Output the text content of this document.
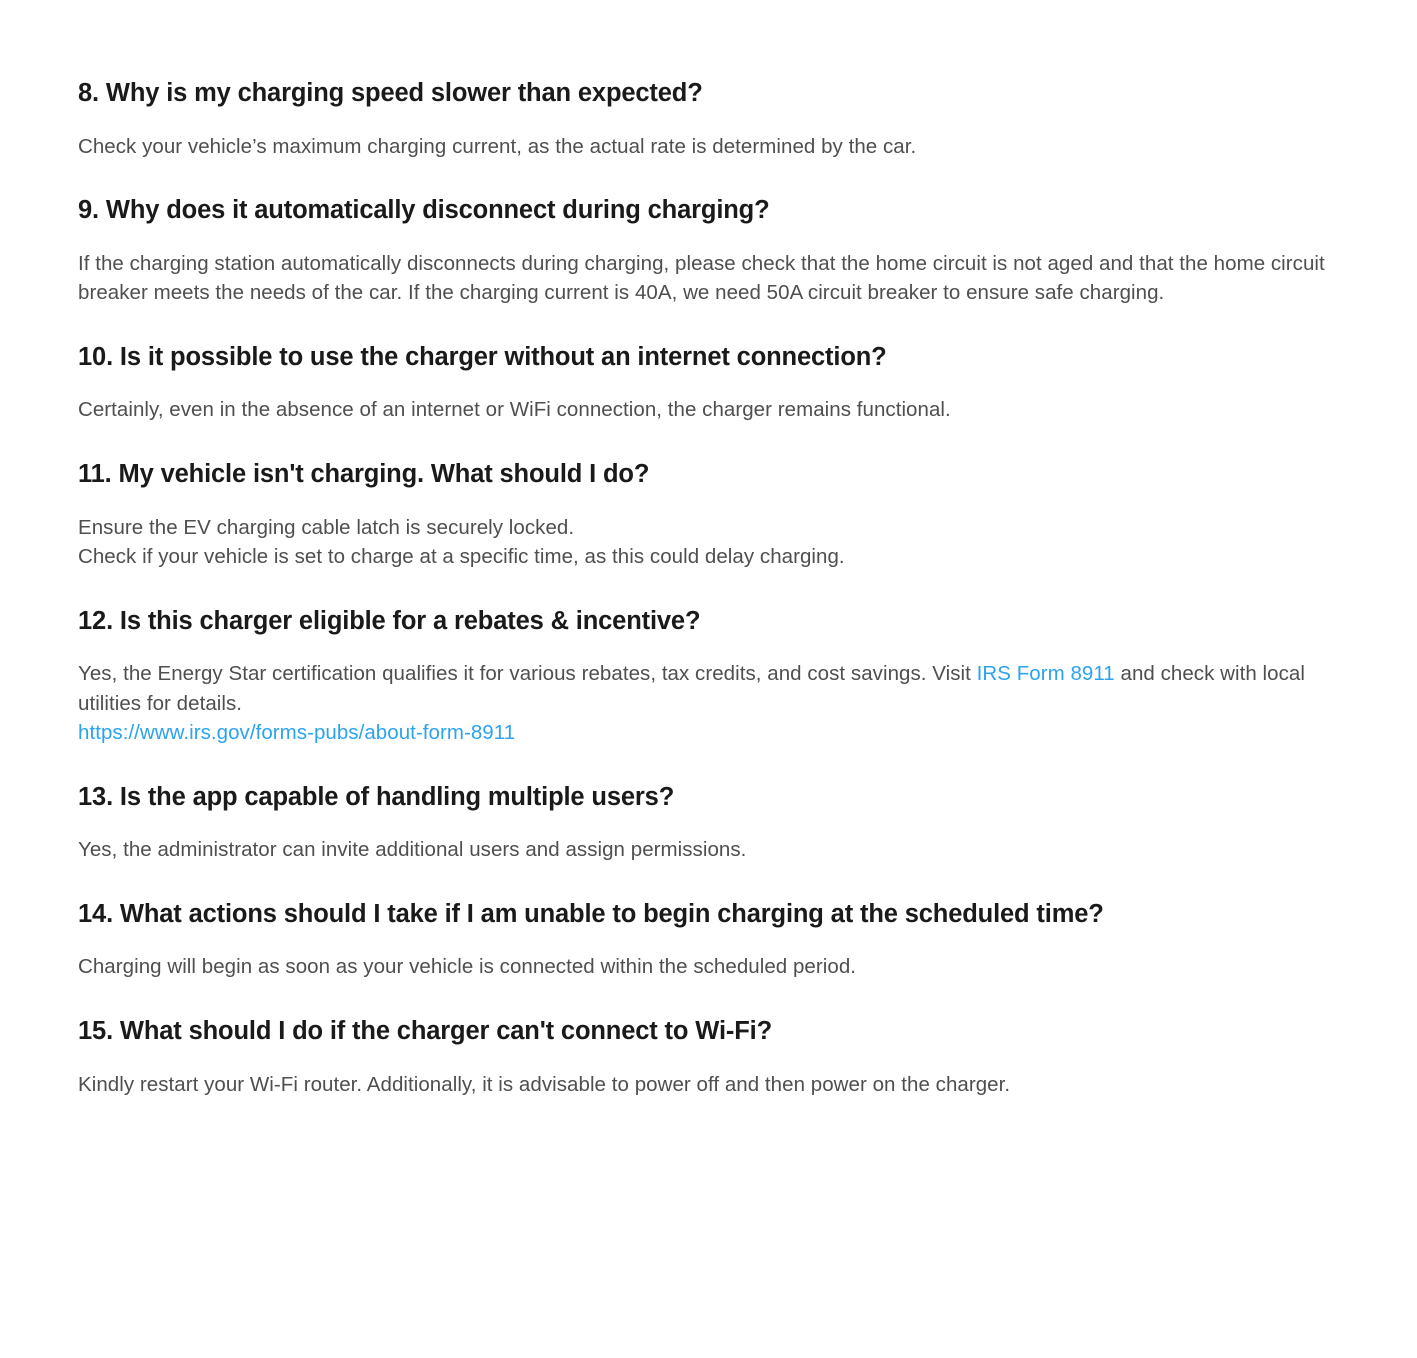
8. Why is my charging speed slower than expected?

Check your vehicle’s maximum charging current, as the actual rate is determined by the car.

9. Why does it automatically disconnect during charging?

If the charging station automatically disconnects during charging, please check that the home circuit is not aged and that the home circuit breaker meets the needs of the car. If the charging current is 40A, we need 50A circuit breaker to ensure safe charging.

10. Is it possible to use the charger without an internet connection?

Certainly, even in the absence of an internet or WiFi connection, the charger remains functional.

11. My vehicle isn't charging. What should I do?

Ensure the EV charging cable latch is securely locked.
Check if your vehicle is set to charge at a specific time, as this could delay charging.

12. Is this charger eligible for a rebates & incentive?

Yes, the Energy Star certification qualifies it for various rebates, tax credits, and cost savings. Visit IRS Form 8911 and check with local utilities for details.
https://www.irs.gov/forms-pubs/about-form-8911

13. Is the app capable of handling multiple users?

Yes, the administrator can invite additional users and assign permissions.

14. What actions should I take if I am unable to begin charging at the scheduled time?

Charging will begin as soon as your vehicle is connected within the scheduled period.

15. What should I do if the charger can't connect to Wi-Fi?

Kindly restart your Wi-Fi router. Additionally, it is advisable to power off and then power on the charger.
